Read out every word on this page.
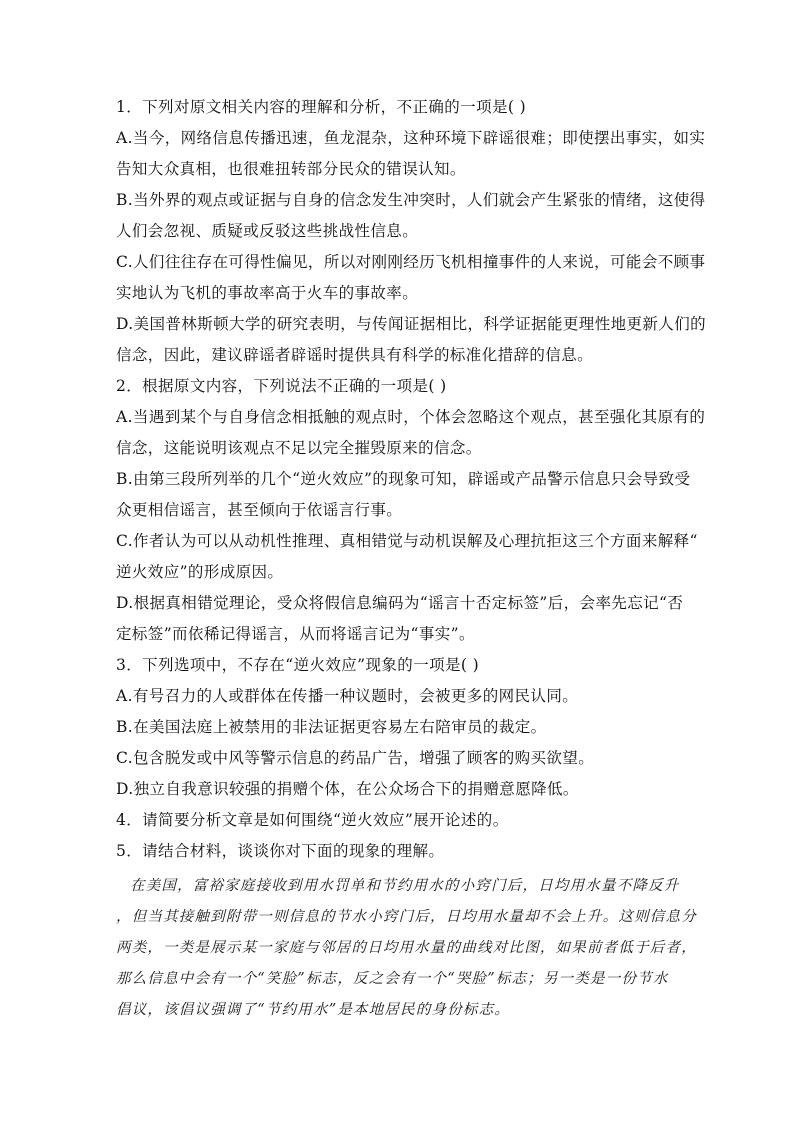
1．下列对原文相关内容的理解和分析，不正确的一项是( )
A.当今，网络信息传播迅速，鱼龙混杂，这种环境下辟谣很难；即使摆出事实，如实
告知大众真相，也很难扭转部分民众的错误认知。
B.当外界的观点或证据与自身的信念发生冲突时，人们就会产生紧张的情绪，这使得
人们会忽视、质疑或反驳这些挑战性信息。
C.人们往往存在可得性偏见，所以对刚刚经历飞机相撞事件的人来说，可能会不顾事
实地认为飞机的事故率高于火车的事故率。
D.美国普林斯顿大学的研究表明，与传闻证据相比，科学证据能更理性地更新人们的
信念，因此，建议辟谣者辟谣时提供具有科学的标准化措辞的信息。
2．根据原文内容，下列说法不正确的一项是( )
A.当遇到某个与自身信念相抵触的观点时，个体会忽略这个观点，甚至强化其原有的
信念，这能说明该观点不足以完全摧毁原来的信念。
B.由第三段所列举的几个“逆火效应”的现象可知，辟谣或产品警示信息只会导致受
众更相信谣言，甚至倾向于依谣言行事。
C.作者认为可以从动机性推理、真相错觉与动机误解及心理抗拒这三个方面来解释“
逆火效应”的形成原因。
D.根据真相错觉理论，受众将假信息编码为“谣言十否定标签”后，会率先忘记“否
定标签”而依稀记得谣言，从而将谣言记为“事实”。
3．下列选项中，不存在“逆火效应”现象的一项是( )
A.有号召力的人或群体在传播一种议题时，会被更多的网民认同。
B.在美国法庭上被禁用的非法证据更容易左右陪审员的裁定。
C.包含脱发或中风等警示信息的药品广告，增强了顾客的购买欲望。
D.独立自我意识较强的捐赠个体，在公众场合下的捐赠意愿降低。
4．请简要分析文章是如何围绕“逆火效应”展开论述的。
5．请结合材料，谈谈你对下面的现象的理解。
在美国，富裕家庭接收到用水罚单和节约用水的小窍门后，日均用水量不降反升
，但当其接触到附带一则信息的节水小窍门后，日均用水量却不会上升。这则信息分
两类，一类是展示某一家庭与邻居的日均用水量的曲线对比图，如果前者低于后者，
那么信息中会有一个“笑脸”标志，反之会有一个“哭脸”标志；另一类是一份节水
倡议，该倡议强调了“节约用水”是本地居民的身份标志。
